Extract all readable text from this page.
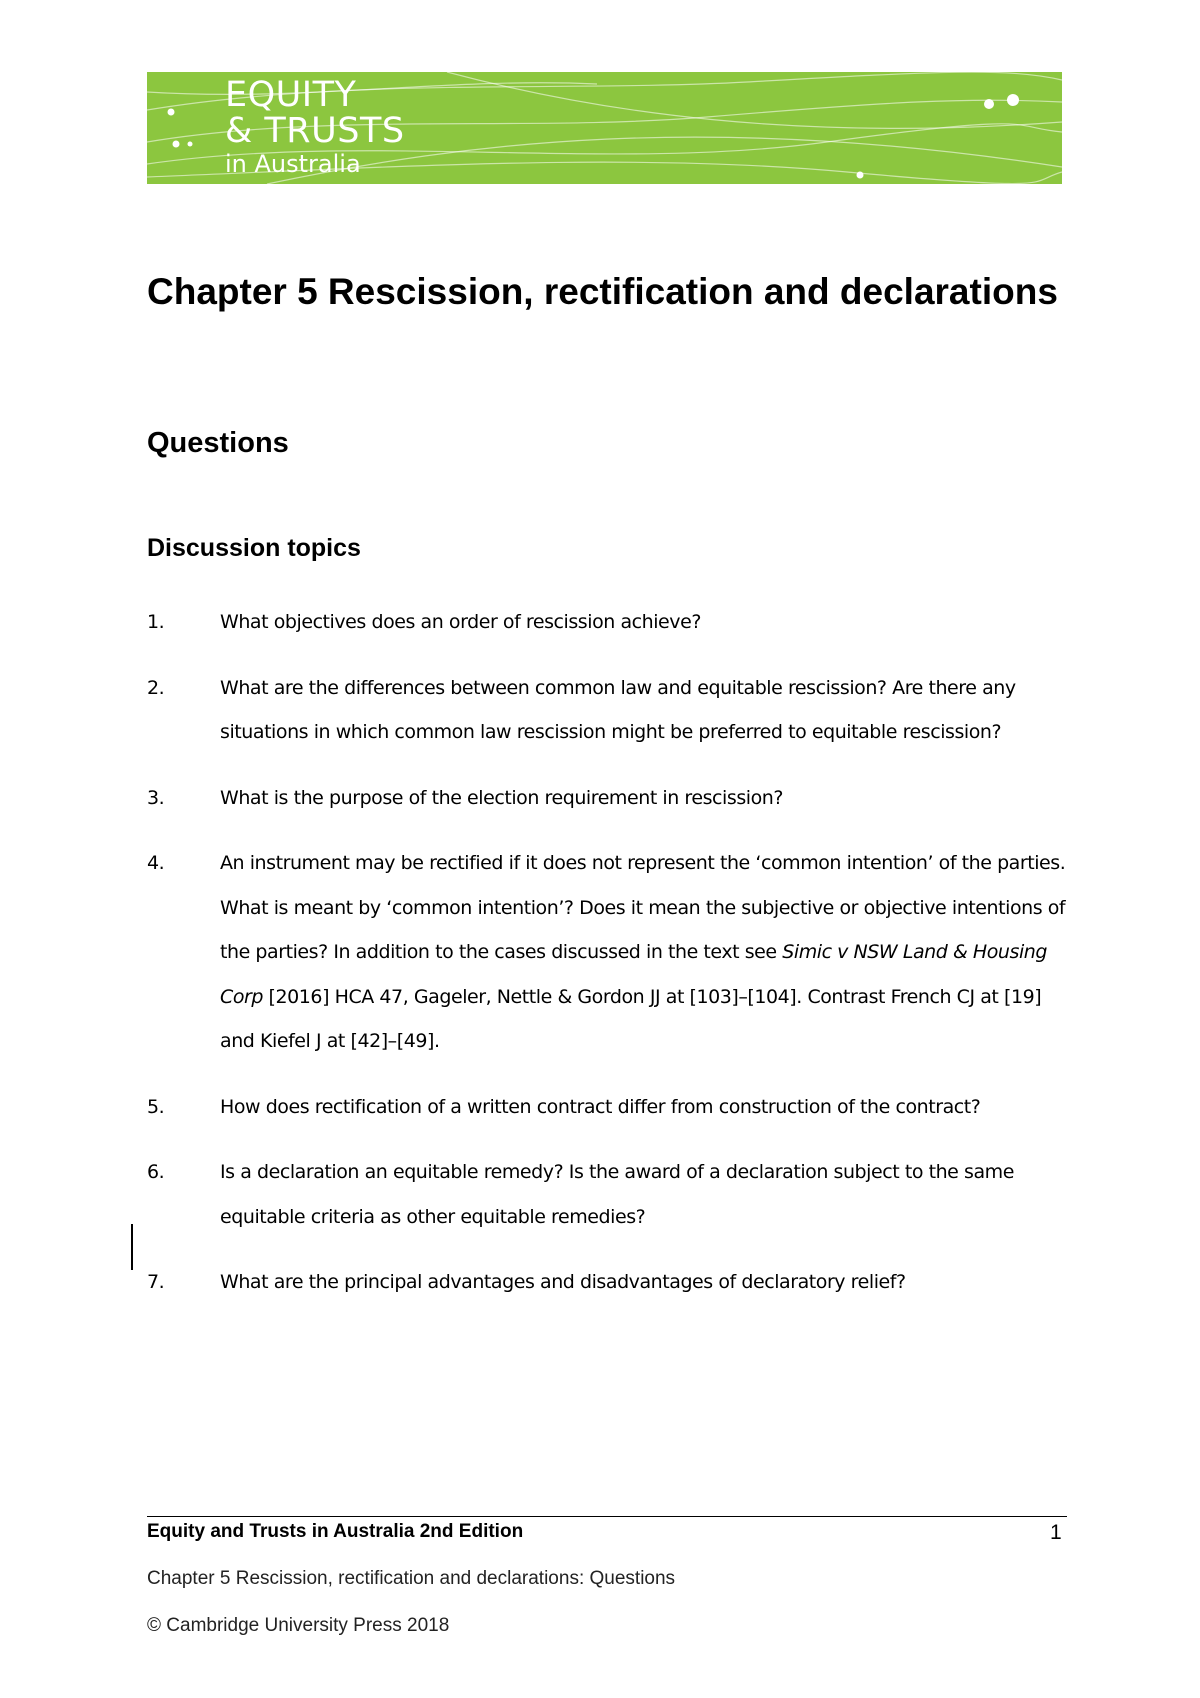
EQUITY
& TRUSTS
in Australia
Chapter 5 Rescission, rectification and declarations
Questions
Discussion topics
1.	What objectives does an order of rescission achieve?
2.	What are the differences between common law and equitable rescission? Are there any situations in which common law rescission might be preferred to equitable rescission?
3.	What is the purpose of the election requirement in rescission?
4.	An instrument may be rectified if it does not represent the ‘common intention’ of the parties. What is meant by ‘common intention’? Does it mean the subjective or objective intentions of the parties? In addition to the cases discussed in the text see Simic v NSW Land & Housing Corp [2016] HCA 47, Gageler, Nettle & Gordon JJ at [103]–[104]. Contrast French CJ at [19] and Kiefel J at [42]–[49].
5.	How does rectification of a written contract differ from construction of the contract?
6.	Is a declaration an equitable remedy? Is the award of a declaration subject to the same equitable criteria as other equitable remedies?
7.	What are the principal advantages and disadvantages of declaratory relief?
Equity and Trusts in Australia 2nd Edition	1
Chapter 5 Rescission, rectification and declarations: Questions
© Cambridge University Press 2018
